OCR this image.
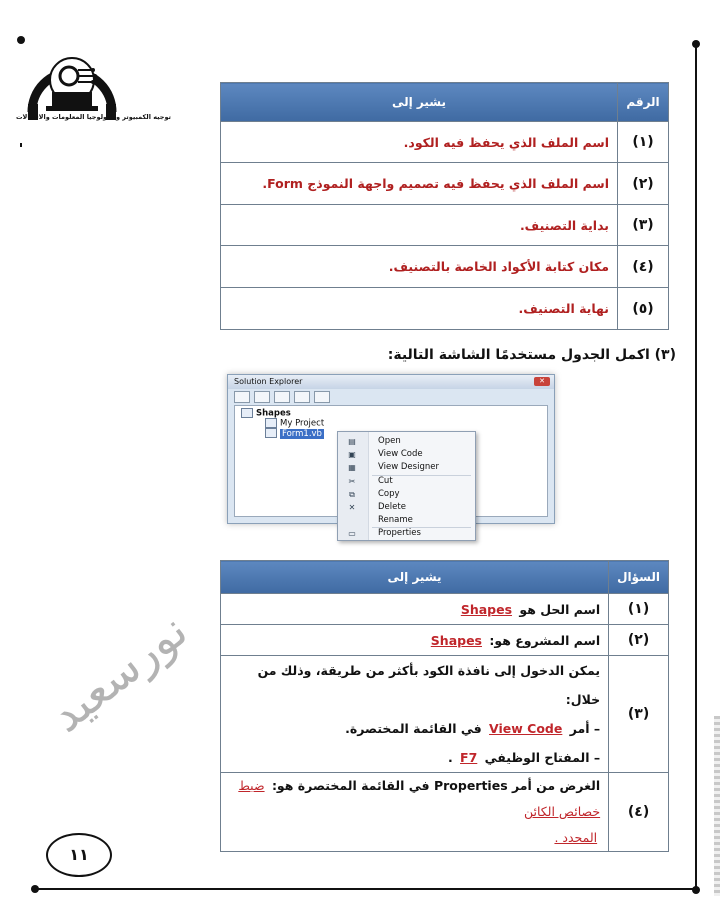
توجيه الكمبيوتر وتكنولوجيا المعلومات والاتصالات
الرقم	يشير إلى
(١)	اسم الملف الذي يحفظ فيه الكود.
(٢)	اسم الملف الذي يحفظ فيه تصميم واجهة النموذج Form.
(٣)	بداية التصنيف.
(٤)	مكان كتابة الأكواد الخاصة بالتصنيف.
(٥)	نهاية التصنيف.
(٣) اكمل الجدول مستخدمًا الشاشة التالية:
Solution Explorer	✕
Shapes
My Project
Form1.vb
▤	Open
▣	View Code
▦	View Designer
✂	Cut
⧉	Copy
✕	Delete
Rename
▭	Properties
السؤال	يشير إلى
(١)	اسم الحل هو Shapes
(٢)	اسم المشروع هو: Shapes
(٣)	يمكن الدخول إلى نافذة الكود بأكثر من طريقة، وذلك من خلال:
– أمر View Code في القائمة المختصرة.
– المفتاح الوظيفي F7 .

(٤)	الغرض من أمر Properties في القائمة المختصرة هو: ضبط خصائص الكائن
المحدد .
نورسعيد
١١
